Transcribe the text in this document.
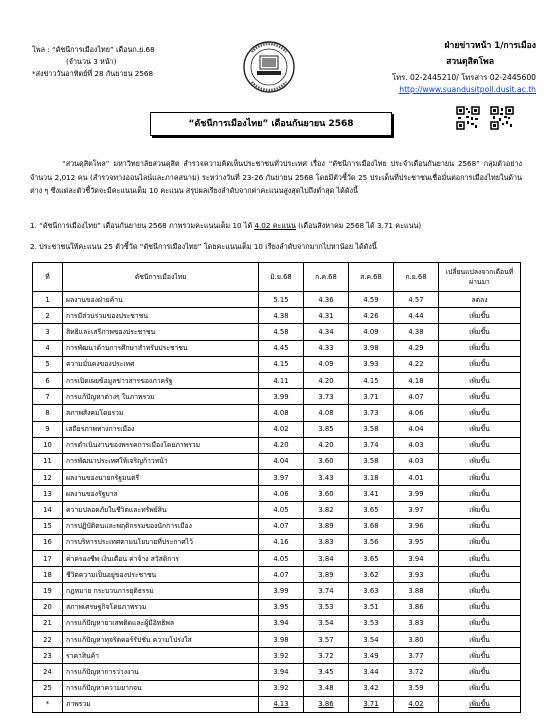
โพล : “ดัชนีการเมืองไทย” เดือนก.ย.68
(จำนวน 3 หน้า)
*ส่งข่าววันอาทิตย์ที่ 28 กันยายน 2568
ฝ่ายข่าวหน้า 1/การเมือง
สวนดุสิตโพล
โทร. 02-2445210/ โทรสาร 02-2445600
http://www.suandusitpoll.dusit.ac.th
“ดัชนีการเมืองไทย” เดือนกันยายน 2568
“สวนดุสิตโพล” มหาวิทยาลัยสวนดุสิต สำรวจความคิดเห็นประชาชนทั่วประเทศ เรื่อง “ดัชนีการเมืองไทย ประจำเดือนกันยายน 2568” กลุ่มตัวอย่าง จำนวน 2,012 คน (สำรวจทางออนไลน์และภาคสนาม) ระหว่างวันที่ 23-26 กันยายน 2568 โดยมีตัวชี้วัด 25 ประเด็นที่ประชาชนเชื่อมั่นต่อการเมืองไทยในด้านต่าง ๆ ซึ่งแต่ละตัวชี้วัดจะมีคะแนนเต็ม 10 คะแนน สรุปผลเรียงลำดับจากค่าคะแนนสูงสุดไปถึงต่ำสุด ได้ดังนี้
1. “ดัชนีการเมืองไทย” เดือนกันยายน 2568 ภาพรวมคะแนนเต็ม 10 ได้ 4.02 คะแนน (เดือนสิงหาคม 2568 ได้ 3.71 คะแนน)
2. ประชาชนให้คะแนน 25 ตัวชี้วัด “ดัชนีการเมืองไทย” โดยคะแนนเต็ม 10 เรียงลำดับจากมากไปหาน้อย ได้ดังนี้
ที่	ดัชนีการเมืองไทย	มิ.ย.68	ก.ค.68	ส.ค.68	ก.ย.68	เปลี่ยนแปลงจากเดือนที่ผ่านมา
1	ผลงานของฝ่ายค้าน	5.15	4.36	4.59	4.57	ลดลง
2	การมีส่วนร่วมของประชาชน	4.38	4.31	4.26	4.44	เพิ่มขึ้น
3	สิทธิและเสรีภาพของประชาชน	4.58	4.34	4.09	4.38	เพิ่มขึ้น
4	การพัฒนาด้านการศึกษาสำหรับประชาชน	4.45	4.33	3.98	4.29	เพิ่มขึ้น
5	ความมั่นคงของประเทศ	4.15	4.09	3.93	4.22	เพิ่มขึ้น
6	การเปิดเผยข้อมูลข่าวสารของภาครัฐ	4.11	4.20	4.15	4.18	เพิ่มขึ้น
7	การแก้ปัญหาต่างๆ ในภาพรวม	3.99	3.73	3.71	4.07	เพิ่มขึ้น
8	สภาพสังคมโดยรวม	4.08	4.08	3.73	4.06	เพิ่มขึ้น
9	เสถียรภาพทางการเมือง	4.02	3.85	3.58	4.04	เพิ่มขึ้น
10	การดำเนินงานของพรรคการเมืองโดยภาพรวม	4.20	4.20	3.74	4.03	เพิ่มขึ้น
11	การพัฒนาประเทศให้เจริญก้าวหน้า	4.04	3.60	3.58	4.03	เพิ่มขึ้น
12	ผลงานของนายกรัฐมนตรี	3.97	3.43	3.18	4.01	เพิ่มขึ้น
13	ผลงานของรัฐบาล	4.06	3.60	3.41	3.99	เพิ่มขึ้น
14	ความปลอดภัยในชีวิตและทรัพย์สิน	4.05	3.82	3.65	3.97	เพิ่มขึ้น
15	การปฏิบัติตนและพฤติกรรมของนักการเมือง	4.07	3.89	3.68	3.96	เพิ่มขึ้น
16	การบริหารประเทศตามนโยบายที่ประกาศไว้	4.16	3.83	3.56	3.95	เพิ่มขึ้น
17	ค่าครองชีพ เงินเดือน ค่าจ้าง สวัสดิการ	4.05	3.84	3.65	3.94	เพิ่มขึ้น
18	ชีวิตความเป็นอยู่ของประชาชน	4.07	3.89	3.62	3.93	เพิ่มขึ้น
19	กฎหมาย กระบวนการยุติธรรม	3.99	3.74	3.63	3.88	เพิ่มขึ้น
20	สภาพเศรษฐกิจโดยภาพรวม	3.95	3.53	3.51	3.86	เพิ่มขึ้น
21	การแก้ปัญหายาเสพติดและผู้มีอิทธิพล	3.94	3.54	3.53	3.83	เพิ่มขึ้น
22	การแก้ปัญหาทุจริตคอร์รัปชัน ความโปร่งใส	3.98	3.57	3.54	3.80	เพิ่มขึ้น
23	ราคาสินค้า	3.92	3.72	3.49	3.77	เพิ่มขึ้น
24	การแก้ปัญหาการว่างงาน	3.94	3.45	3.44	3.72	เพิ่มขึ้น
25	การแก้ปัญหาความยากจน	3.92	3.48	3.42	3.59	เพิ่มขึ้น
*	ภาพรวม	4.13	3.86	3.71	4.02	เพิ่มขึ้น
